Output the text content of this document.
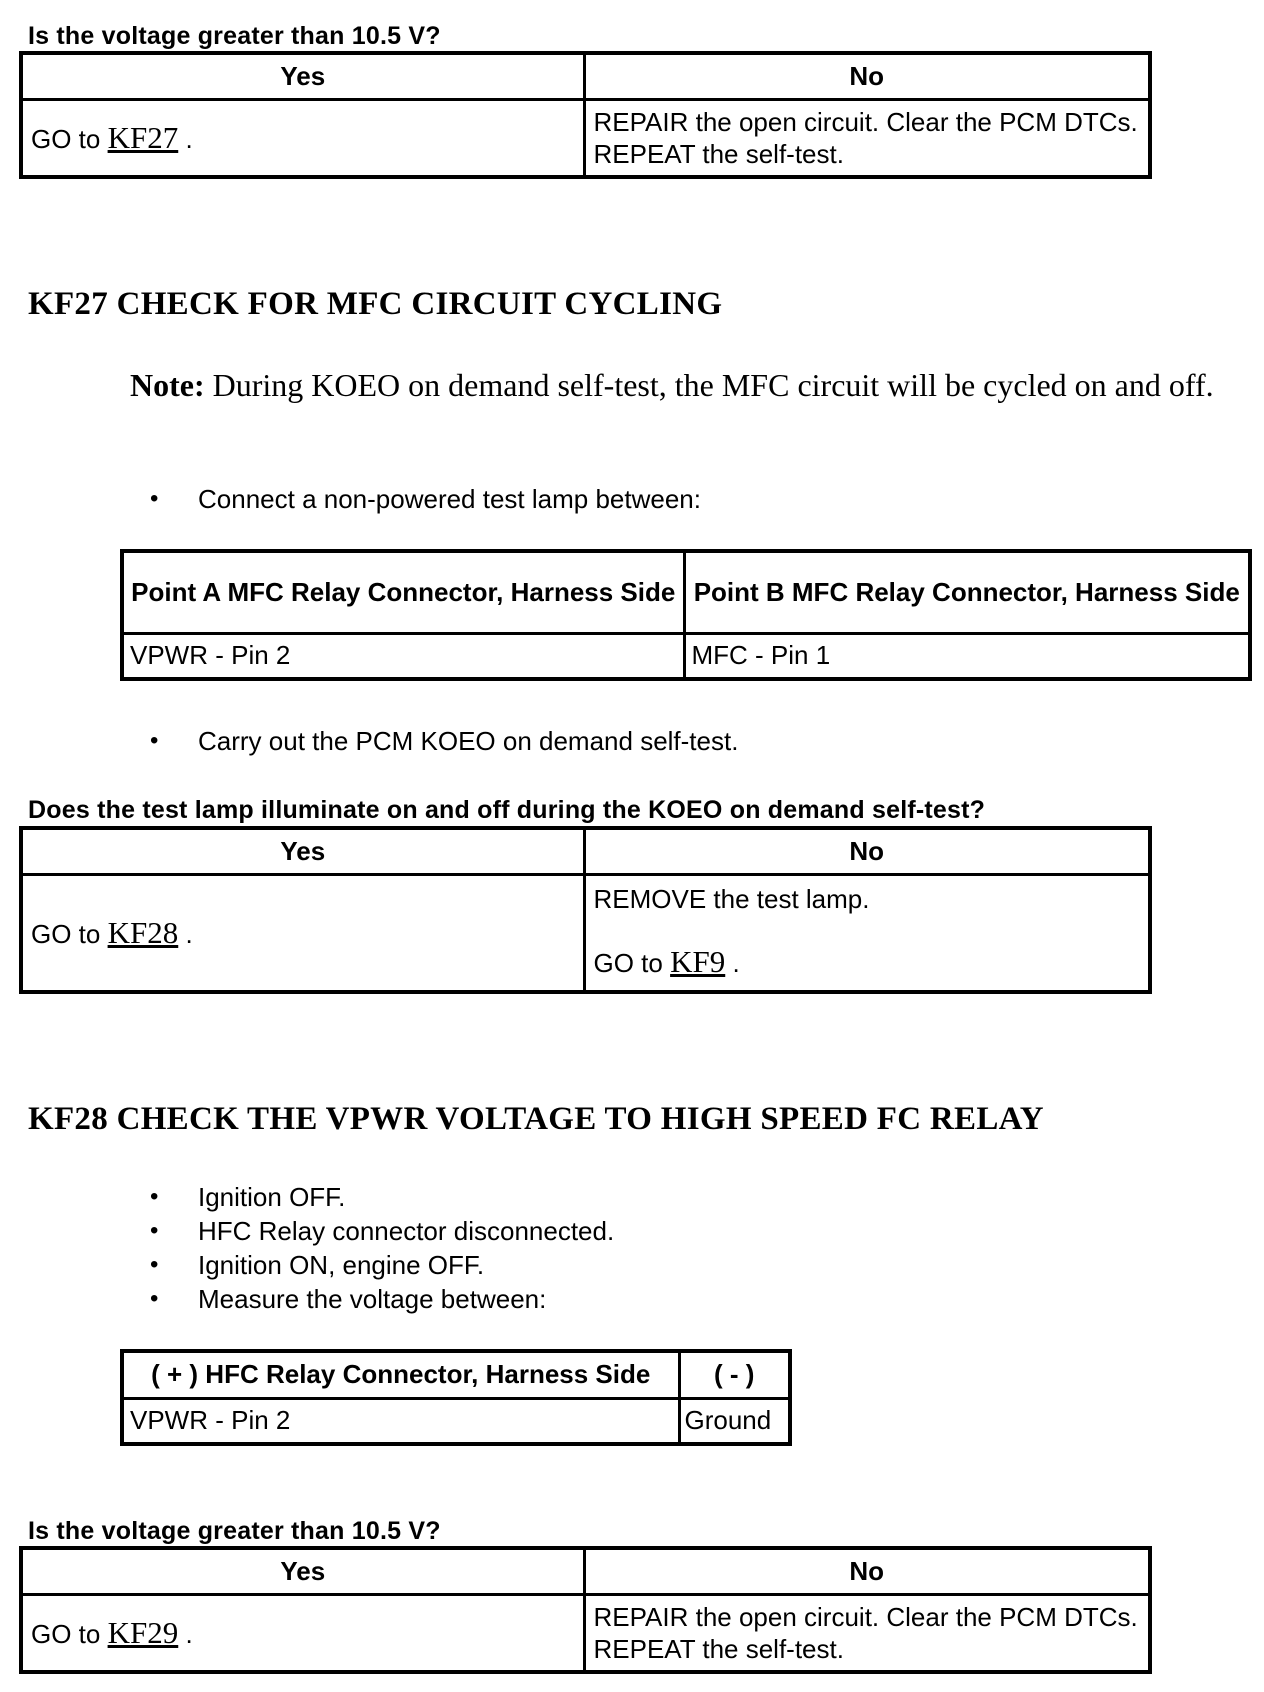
Is the voltage greater than 10.5 V?
Yes	No
GO to KF27 .	REPAIR the open circuit. Clear the PCM DTCs. REPEAT the self-test.
KF27 CHECK FOR MFC CIRCUIT CYCLING
Note: During KOEO on demand self-test, the MFC circuit will be cycled on and off.
• Connect a non-powered test lamp between:
Point A MFC Relay Connector, Harness Side	Point B MFC Relay Connector, Harness Side
VPWR - Pin 2	MFC - Pin 1
• Carry out the PCM KOEO on demand self-test.
Does the test lamp illuminate on and off during the KOEO on demand self-test?
Yes	No
GO to KF28 .	REMOVE the test lamp.
GO to KF9 .
KF28 CHECK THE VPWR VOLTAGE TO HIGH SPEED FC RELAY
• Ignition OFF.
• HFC Relay connector disconnected.
• Ignition ON, engine OFF.
• Measure the voltage between:
( + ) HFC Relay Connector, Harness Side	( - )
VPWR - Pin 2	Ground
Is the voltage greater than 10.5 V?
Yes	No
GO to KF29 .	REPAIR the open circuit. Clear the PCM DTCs. REPEAT the self-test.
